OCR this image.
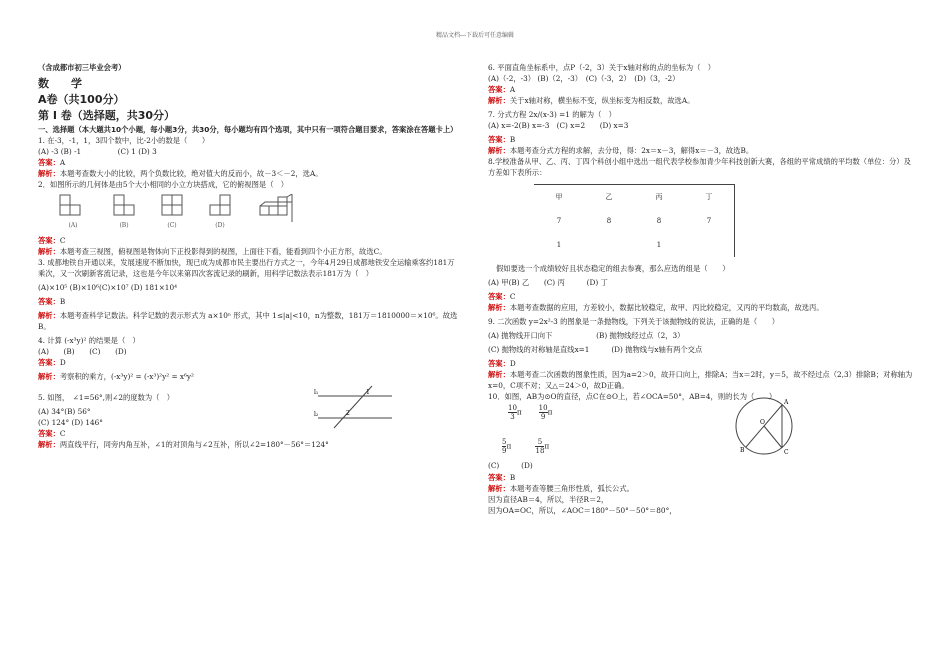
精品文档---下载后可任意编辑

（含成都市初三毕业会考）

数　　学

A卷（共100分）

第 I 卷（选择题，共30分）

一、选择题（本大题共10个小题，每小题3分，共30分，每小题均有四个选项，其中只有一项符合题目要求，答案涂在答题卡上）

1. 在-3，-1，1，3四个数中，比-2小的数是（　　）

(A) -3 (B) -1　　　　　(C) 1 (D) 3

答案：A

解析：本题考查数大小的比较，两个负数比较，绝对值大的反而小，故－3＜－2，选A。

2．如图所示的几何体是由5个大小相同的小立方块搭成，它的俯视图是（　）

(A)	(B)	(C)	(D)

答案：C

解析：本题考查三视图，俯视图是物体向下正投影得到的视图，上面往下看，能看到四个小正方形，故选C。

3. 成都地铁自开通以来，发展速度不断加快，现已成为成都市民主要出行方式之一，今年4月29日成都地铁安全运输乘客约181万乘次，又一次刷新客流记录，这也是今年以来第四次客流记录的刷新，用科学记数法表示181万为（　）

(A)×10⁵ (B)×10⁶(C)×10⁷ (D) 181×10⁴

答案：B

解析：本题考查科学记数法。科学记数的表示形式为 a×10ⁿ 形式，其中 1≤|a|<10，n为整数，181万＝1810000＝×10⁶。故选B。

4. 计算 (-x³y)² 的结果是（　）

(A)　　(B)　　(C)　　(D)

答案：D

解析：考察积的乘方，(-x³y)² = (-x³)²y² = x⁶y²

5. 如图，　∠1=56°,则∠2的度数为（　）

l₁
l₂
1
2

(A) 34°(B) 56°

(C) 124° (D) 146°

答案：C

解析：两直线平行，同旁内角互补，∠1的对顶角与∠2互补，所以∠2=180°－56°＝124°

6. 平面直角坐标系中，点P（-2，3）关于x轴对称的点的坐标为（　）

(A)（-2，-3） (B)（2，-3）　(C)（-3，2）　(D)（3，-2）

答案：A

解析：关于x轴对称，横坐标不变，纵坐标变为相反数，故选A。

7. 分式方程 2x/(x-3) =1 的解为（　）

(A) x=-2(B) x=-3　(C) x=2　　(D) x=3

答案：B

解析：本题考查分式方程的求解，去分母，得：2x＝x－3，解得x＝－3，故选B。

8.学校准备从甲、乙、丙、丁四个科创小组中选出一组代表学校参加青少年科技创新大赛，各组的平常成绩的平均数（单位：分）及方差如下表所示：

甲	乙	丙	丁
7	8	8	7
1		1	

假如要选一个成绩较好且状态稳定的组去参赛，那么应选的组是（　　）

(A) 甲(B) 乙　　(C) 丙　　　(D) 丁

答案：C

解析：本题考查数据的应用，方差较小，数据比较稳定，故甲、丙比较稳定，又丙的平均数高，故选丙。

9. 二次函数 y=2x²-3 的图象是一条抛物线，下列关于该抛物线的说法，正确的是（　　）

(A) 抛物线开口向下　　　　　　(B) 抛物线经过点（2，3）

(C) 抛物线的对称轴是直线x=1　　　(D) 抛物线与x轴有两个交点

答案：D

解析：本题考查二次函数的图象性质，因为a=2＞0，故开口向上，排除A；当x＝2时，y＝5，故不经过点（2,3）排除B；对称轴为x=0，C项不对；又△＝24＞0，故D正确。

10．如图，AB为⊙O的直径，点C在⊙O上，若∠OCA=50°，AB=4，则的长为（　　）

$\frac{10}{3}$ π　　 $\frac{10}{9}$ π
$\frac{5}{9}$ π　　　 $\frac{5}{18}$ π

(C)　　　(D)

A
B	C
O

答案：B

解析：本题考查等腰三角形性质，弧长公式。

因为直径AB＝4，所以，半径R＝2，

因为OA=OC，所以，∠AOC＝180°－50°－50°＝80°，
